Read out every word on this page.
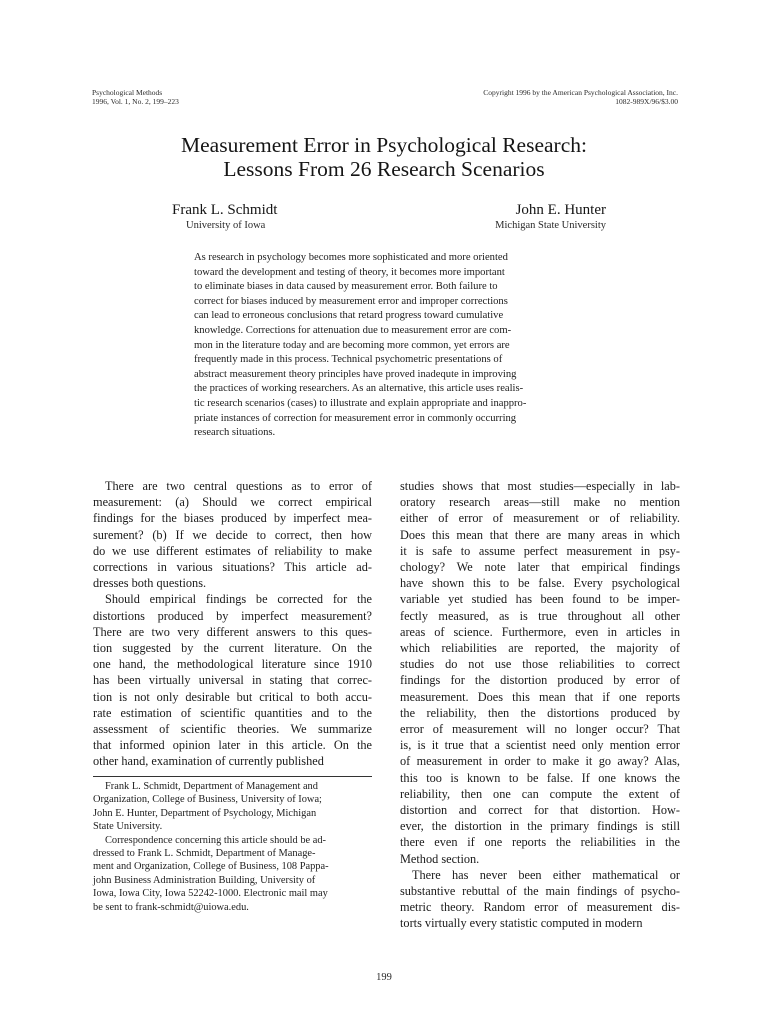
Psychological Methods
1996, Vol. 1, No. 2, 199–223
Copyright 1996 by the American Psychological Association, Inc.
1082-989X/96/$3.00
Measurement Error in Psychological Research:
Lessons From 26 Research Scenarios
Frank L. Schmidt
University of Iowa
John E. Hunter
Michigan State University
As research in psychology becomes more sophisticated and more oriented
toward the development and testing of theory, it becomes more important
to eliminate biases in data caused by measurement error. Both failure to
correct for biases induced by measurement error and improper corrections
can lead to erroneous conclusions that retard progress toward cumulative
knowledge. Corrections for attenuation due to measurement error are com-
mon in the literature today and are becoming more common, yet errors are
frequently made in this process. Technical psychometric presentations of
abstract measurement theory principles have proved inadequte in improving
the practices of working researchers. As an alternative, this article uses realis-
tic research scenarios (cases) to illustrate and explain appropriate and inappro-
priate instances of correction for measurement error in commonly occurring
research situations.
There are two central questions as to error of
measurement: (a) Should we correct empirical
findings for the biases produced by imperfect mea-
surement? (b) If we decide to correct, then how
do we use different estimates of reliability to make
corrections in various situations? This article ad-
dresses both questions.
Should empirical findings be corrected for the
distortions produced by imperfect measurement?
There are two very different answers to this ques-
tion suggested by the current literature. On the
one hand, the methodological literature since 1910
has been virtually universal in stating that correc-
tion is not only desirable but critical to both accu-
rate estimation of scientific quantities and to the
assessment of scientific theories. We summarize
that informed opinion later in this article. On the
other hand, examination of currently published
Frank L. Schmidt, Department of Management and
Organization, College of Business, University of Iowa;
John E. Hunter, Department of Psychology, Michigan
State University.
Correspondence concerning this article should be ad-
dressed to Frank L. Schmidt, Department of Manage-
ment and Organization, College of Business, 108 Pappa-
john Business Administration Building, University of
Iowa, Iowa City, Iowa 52242-1000. Electronic mail may
be sent to frank-schmidt@uiowa.edu.
studies shows that most studies—especially in lab-
oratory research areas—still make no mention
either of error of measurement or of reliability.
Does this mean that there are many areas in which
it is safe to assume perfect measurement in psy-
chology? We note later that empirical findings
have shown this to be false. Every psychological
variable yet studied has been found to be imper-
fectly measured, as is true throughout all other
areas of science. Furthermore, even in articles in
which reliabilities are reported, the majority of
studies do not use those reliabilities to correct
findings for the distortion produced by error of
measurement. Does this mean that if one reports
the reliability, then the distortions produced by
error of measurement will no longer occur? That
is, is it true that a scientist need only mention error
of measurement in order to make it go away? Alas,
this too is known to be false. If one knows the
reliability, then one can compute the extent of
distortion and correct for that distortion. How-
ever, the distortion in the primary findings is still
there even if one reports the reliabilities in the
Method section.
There has never been either mathematical or
substantive rebuttal of the main findings of psycho-
metric theory. Random error of measurement dis-
torts virtually every statistic computed in modern
199
